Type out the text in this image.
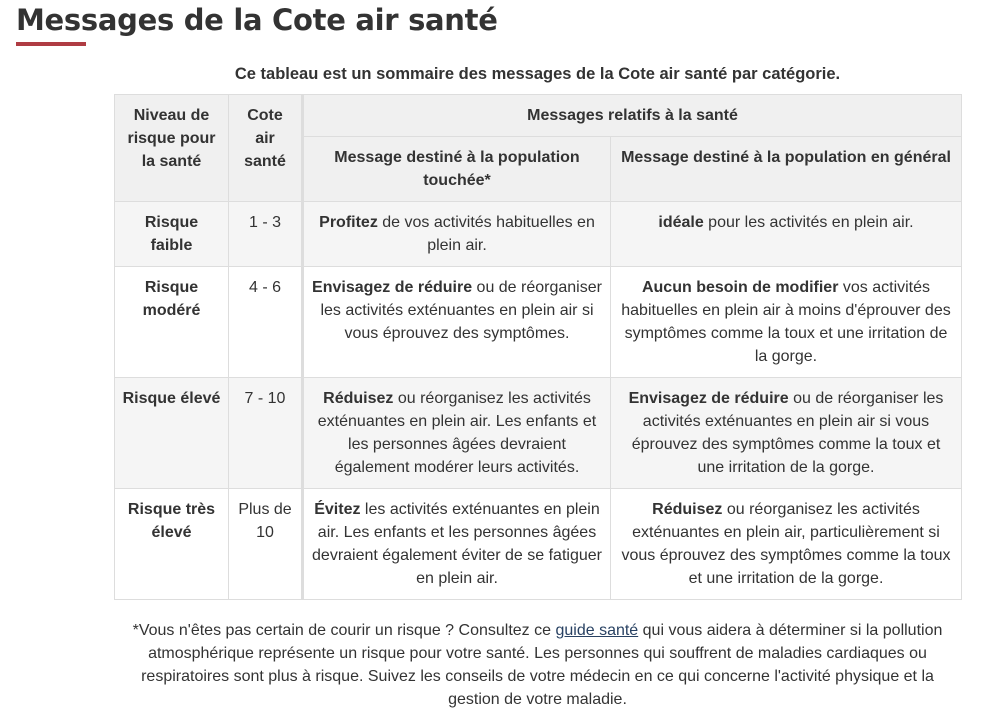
Messages de la Cote air santé
Ce tableau est un sommaire des messages de la Cote air santé par catégorie.
Niveau de risque pour la santé	Cote air santé	Messages relatifs à la santé	
		Message destiné à la population touchée*	Message destiné à la population en général
Risque faible	1 - 3	Profitez de vos activités habituelles en plein air.	idéale pour les activités en plein air.
Risque modéré	4 - 6	Envisagez de réduire ou de réorganiser les activités exténuantes en plein air si vous éprouvez des symptômes.	Aucun besoin de modifier vos activités habituelles en plein air à moins d'éprouver des symptômes comme la toux et une irritation de la gorge.
Risque élevé	7 - 10	Réduisez ou réorganisez les activités exténuantes en plein air. Les enfants et les personnes âgées devraient également modérer leurs activités.	Envisagez de réduire ou de réorganiser les activités exténuantes en plein air si vous éprouvez des symptômes comme la toux et une irritation de la gorge.
Risque très élevé	Plus de 10	Évitez les activités exténuantes en plein air. Les enfants et les personnes âgées devraient également éviter de se fatiguer en plein air.	Réduisez ou réorganisez les activités exténuantes en plein air, particulièrement si vous éprouvez des symptômes comme la toux et une irritation de la gorge.
*Vous n'êtes pas certain de courir un risque ? Consultez ce guide santé qui vous aidera à déterminer si la pollution atmosphérique représente un risque pour votre santé. Les personnes qui souffrent de maladies cardiaques ou respiratoires sont plus à risque. Suivez les conseils de votre médecin en ce qui concerne l'activité physique et la gestion de votre maladie.
